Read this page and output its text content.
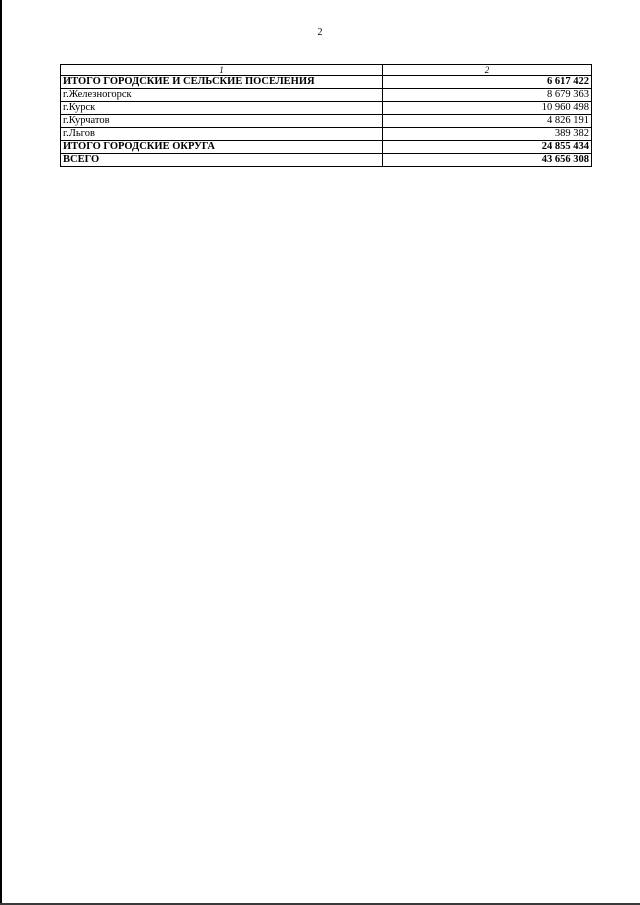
2
1	2
ИТОГО ГОРОДСКИЕ И СЕЛЬСКИЕ ПОСЕЛЕНИЯ	6 617 422
г.Железногорск	8 679 363
г.Курск	10 960 498
г.Курчатов	4 826 191
г.Льгов	389 382
ИТОГО ГОРОДСКИЕ ОКРУГА	24 855 434
ВСЕГО	43 656 308
